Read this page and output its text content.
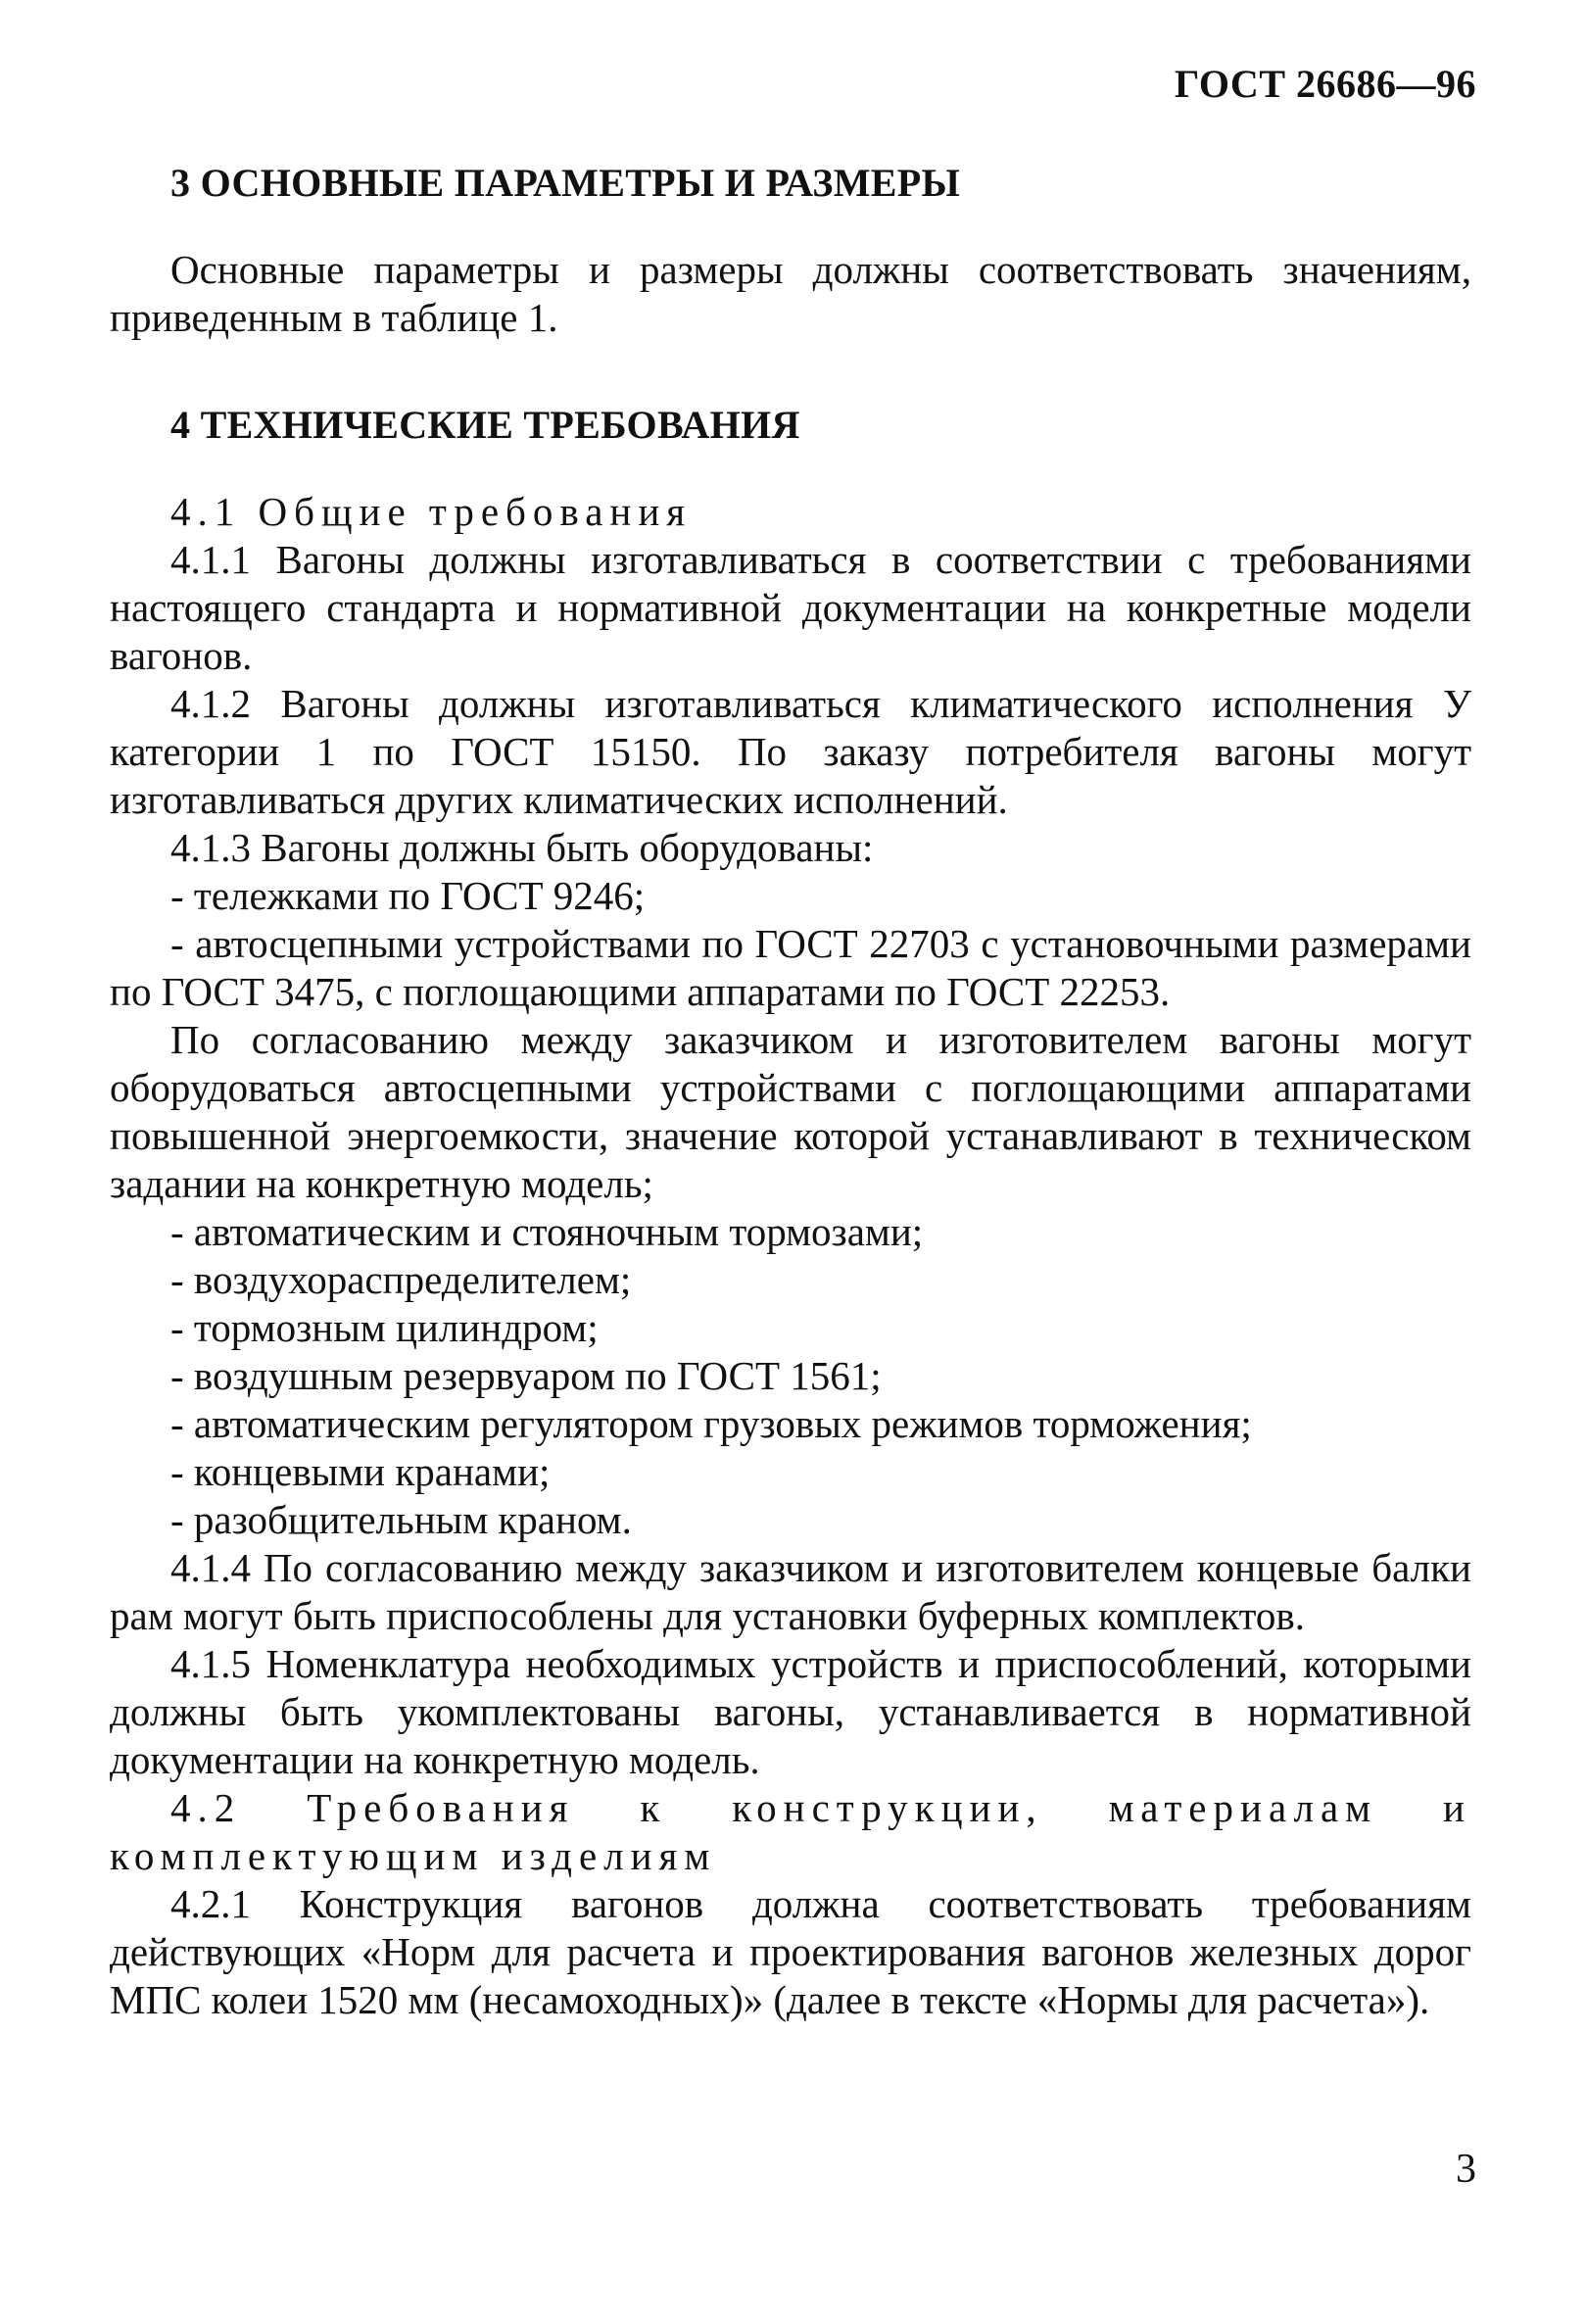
ГОСТ 26686—96
3 ОСНОВНЫЕ ПАРАМЕТРЫ И РАЗМЕРЫ

Основные параметры и размеры должны соответствовать значениям, приведенным в таблице 1.

4 ТЕХНИЧЕСКИЕ ТРЕБОВАНИЯ

4.1 Общие требования

4.1.1 Вагоны должны изготавливаться в соответствии с требованиями настоящего стандарта и нормативной документации на конкретные модели вагонов.

4.1.2 Вагоны должны изготавливаться климатического исполнения У категории 1 по ГОСТ 15150. По заказу потребителя вагоны могут изготавливаться других климатических исполнений.

4.1.3 Вагоны должны быть оборудованы:

- тележками по ГОСТ 9246;

- автосцепными устройствами по ГОСТ 22703 с установочными размерами по ГОСТ 3475, с поглощающими аппаратами по ГОСТ 22253.

По согласованию между заказчиком и изготовителем вагоны могут оборудоваться автосцепными устройствами с поглощающими аппаратами повышенной энергоемкости, значение которой устанавливают в техническом задании на конкретную модель;

- автоматическим и стояночным тормозами;

- воздухораспределителем;

- тормозным цилиндром;

- воздушным резервуаром по ГОСТ 1561;

- автоматическим регулятором грузовых режимов торможения;

- концевыми кранами;

- разобщительным краном.

4.1.4 По согласованию между заказчиком и изготовителем концевые балки рам могут быть приспособлены для установки буферных комплектов.

4.1.5 Номенклатура необходимых устройств и приспособлений, которыми должны быть укомплектованы вагоны, устанавливается в нормативной документации на конкретную модель.

4.2 Требования к конструкции, материалам и комплектующим изделиям

4.2.1 Конструкция вагонов должна соответствовать требованиям действующих «Норм для расчета и проектирования вагонов железных дорог МПС колеи 1520 мм (несамоходных)» (далее в тексте «Нормы для расчета»).

3
